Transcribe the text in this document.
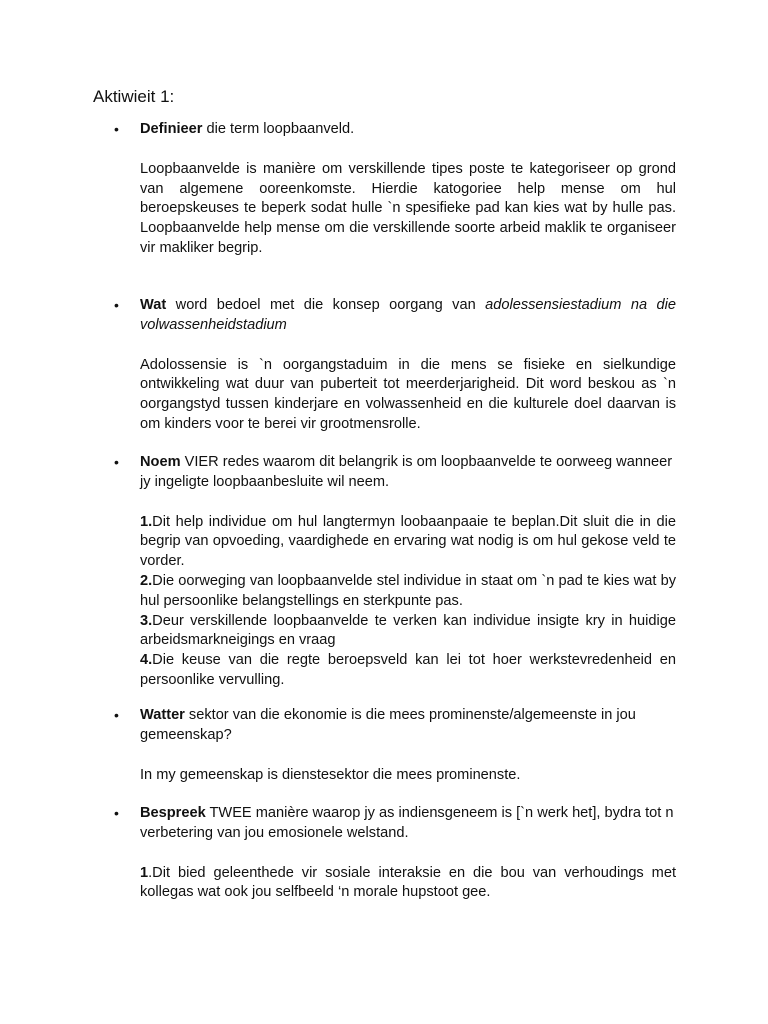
Aktiwieit 1:
• Definieer die term loopbaanveld.

Loopbaanvelde is manière om verskillende tipes poste te kategoriseer op grond van algemene ooreenkomste. Hierdie katogoriee help mense om hul beroepskeuses te beperk sodat hulle `n spesifieke pad kan kies wat by hulle pas. Loopbaanvelde help mense om die verskillende soorte arbeid maklik te organiseer vir makliker begrip.

• Wat word bedoel met die konsep oorgang van adolessensiestadium na die volwassenheidstadium

Adolossensie is `n oorgangstaduim in die mens se fisieke en sielkundige ontwikkeling wat duur van puberteit tot meerderjarigheid. Dit word beskou as `n oorgangstyd tussen kinderjare en volwassenheid en die kulturele doel daarvan is om kinders voor te berei vir grootmensrolle.

• Noem VIER redes waarom dit belangrik is om loopbaanvelde te oorweeg wanneer jy ingeligte loopbaanbesluite wil neem.

1.Dit help individue om hul langtermyn loobaanpaaie te beplan.Dit sluit die in die begrip van opvoeding, vaardighede en ervaring wat nodig is om hul gekose veld te vorder.

2.Die oorweging van loopbaanvelde stel individue in staat om `n pad te kies wat by hul persoonlike belangstellings en sterkpunte pas.

3.Deur verskillende loopbaanvelde te verken kan individue insigte kry in huidige arbeidsmarkneigings en vraag

4.Die keuse van die regte beroepsveld kan lei tot hoer werkstevredenheid en persoonlike vervulling.

• Watter sektor van die ekonomie is die mees prominenste/algemeenste in jou gemeenskap?

In my gemeenskap is dienstesektor die mees prominenste.

• Bespreek TWEE manière waarop jy as indiensgeneem is [`n werk het], bydra tot n verbetering van jou emosionele welstand.

1.Dit bied geleenthede vir sosiale interaksie en die bou van verhoudings met kollegas wat ook jou selfbeeld ‘n morale hupstoot gee.
